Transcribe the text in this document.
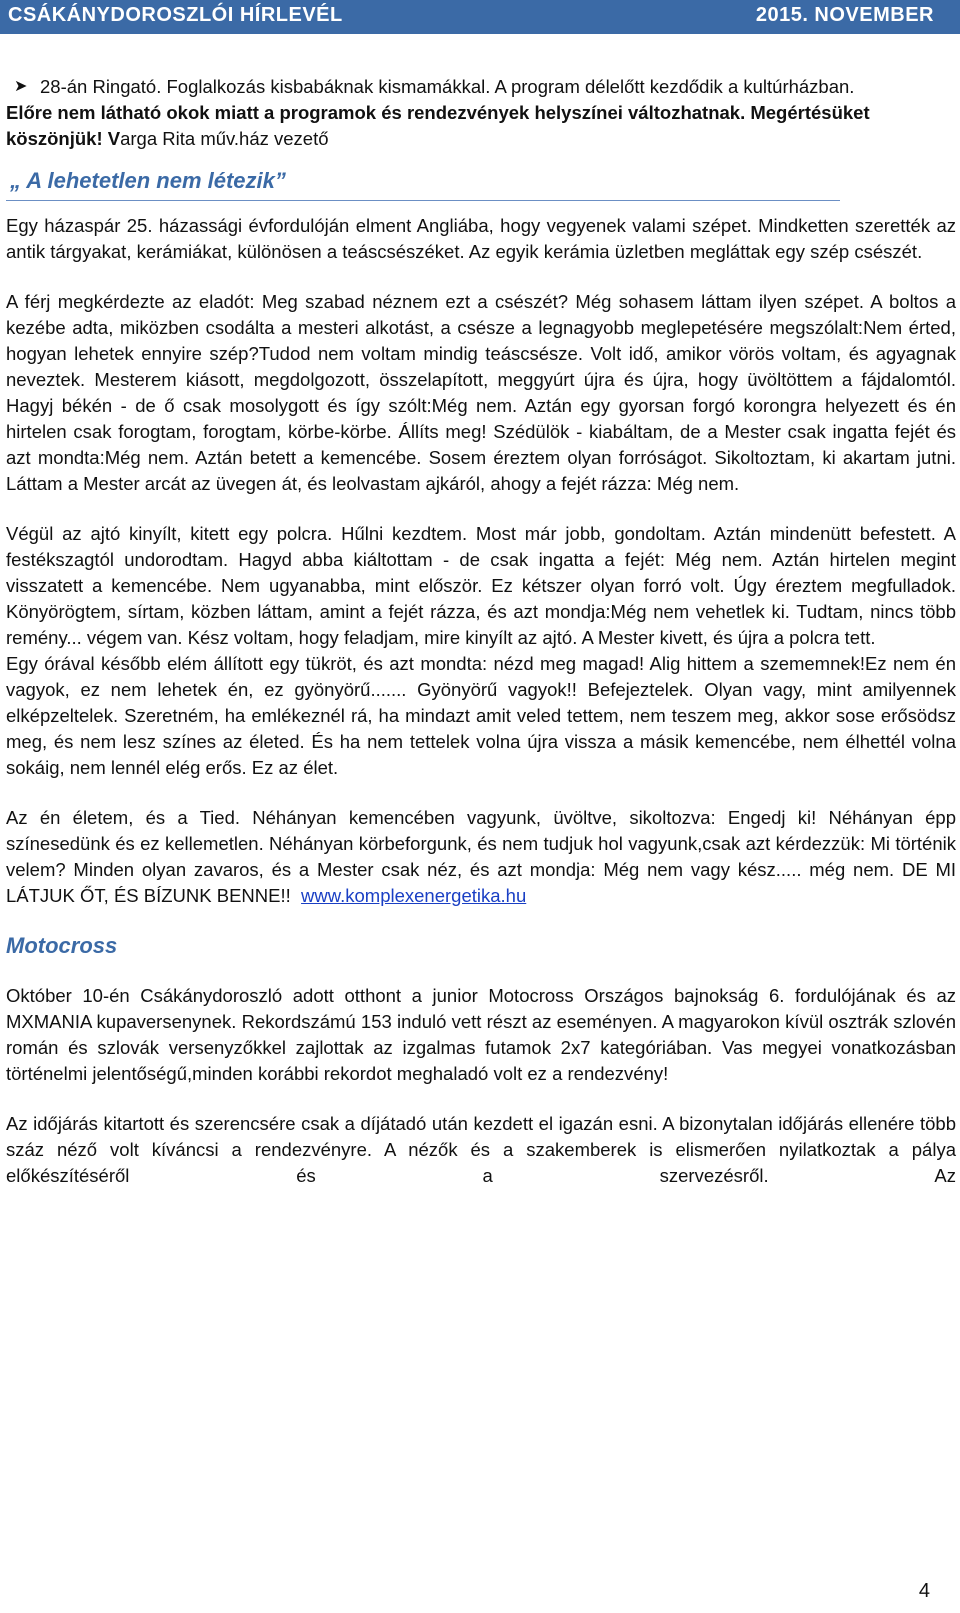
CSÁKÁNYDOROSZLÓI HÍRLEVÉL	2015. NOVEMBER
➤ 28-án Ringató. Foglalkozás kisbabáknak kismamákkal. A program délelőtt kezdődik a kultúrházban.

Előre nem látható okok miatt a programok és rendezvények helyszínei változhatnak. Megértésüket köszönjük! Varga Rita műv.ház vezető

„ A lehetetlen nem létezik”

Egy házaspár 25. házassági évfordulóján elment Angliába, hogy vegyenek valami szépet. Mindketten szerették az antik tárgyakat, kerámiákat, különösen a teáscsészéket. Az egyik kerámia üzletben megláttak egy szép csészét.

A férj megkérdezte az eladót: Meg szabad néznem ezt a csészét? Még sohasem láttam ilyen szépet. A boltos a kezébe adta, miközben csodálta a mesteri alkotást, a csésze a legnagyobb meglepetésére megszólalt:Nem érted, hogyan lehetek ennyire szép?Tudod nem voltam mindig teáscsésze. Volt idő, amikor vörös voltam, és agyagnak neveztek. Mesterem kiásott, megdolgozott, összelapított, meggyúrt újra és újra, hogy üvöltöttem a fájdalomtól. Hagyj békén - de ő csak mosolygott és így szólt:Még nem. Aztán egy gyorsan forgó korongra helyezett és én hirtelen csak forogtam, forogtam, körbe-körbe. Állíts meg! Szédülök - kiabáltam, de a Mester csak ingatta fejét és azt mondta:Még nem. Aztán betett a kemencébe. Sosem éreztem olyan forróságot. Sikoltoztam, ki akartam jutni. Láttam a Mester arcát az üvegen át, és leolvastam ajkáról, ahogy a fejét rázza: Még nem.

Végül az ajtó kinyílt, kitett egy polcra. Hűlni kezdtem. Most már jobb, gondoltam. Aztán mindenütt befestett. A festékszagtól undorodtam. Hagyd abba kiáltottam - de csak ingatta a fejét: Még nem. Aztán hirtelen megint visszatett a kemencébe. Nem ugyanabba, mint először. Ez kétszer olyan forró volt. Úgy éreztem megfulladok. Könyörögtem, sírtam, közben láttam, amint a fejét rázza, és azt mondja:Még nem vehetlek ki. Tudtam, nincs több remény... végem van. Kész voltam, hogy feladjam, mire kinyílt az ajtó. A Mester kivett, és újra a polcra tett.

Egy órával később elém állított egy tükröt, és azt mondta: nézd meg magad! Alig hittem a szememnek!Ez nem én vagyok, ez nem lehetek én, ez gyönyörű....... Gyönyörű vagyok!! Befejeztelek. Olyan vagy, mint amilyennek elképzeltelek. Szeretném, ha emlékeznél rá, ha mindazt amit veled tettem, nem teszem meg, akkor sose erősödsz meg, és nem lesz színes az életed. És ha nem tettelek volna újra vissza a másik kemencébe, nem élhettél volna sokáig, nem lennél elég erős. Ez az élet.

Az én életem, és a Tied. Néhányan kemencében vagyunk, üvöltve, sikoltozva: Engedj ki! Néhányan épp színesedünk és ez kellemetlen. Néhányan körbeforgunk, és nem tudjuk hol vagyunk,csak azt kérdezzük: Mi történik velem? Minden olyan zavaros, és a Mester csak néz, és azt mondja: Még nem vagy kész..... még nem. DE MI LÁTJUK ŐT, ÉS BÍZUNK BENNE!! www.komplexenergetika.hu

Motocross

Október 10-én Csákánydoroszló adott otthont a junior Motocross Országos bajnokság 6. fordulójának és az MXMANIA kupaversenynek. Rekordszámú 153 induló vett részt az eseményen. A magyarokon kívül osztrák szlovén román és szlovák versenyzőkkel zajlottak az izgalmas futamok 2x7 kategóriában. Vas megyei vonatkozásban történelmi jelentőségű,minden korábbi rekordot meghaladó volt ez a rendezvény!

Az időjárás kitartott és szerencsére csak a díjátadó után kezdett el igazán esni. A bizonytalan időjárás ellenére több száz néző volt kíváncsi a rendezvényre. A nézők és a szakemberek is elismerően nyilatkoztak a pálya előkészítéséről és a szervezésről. Az

4
